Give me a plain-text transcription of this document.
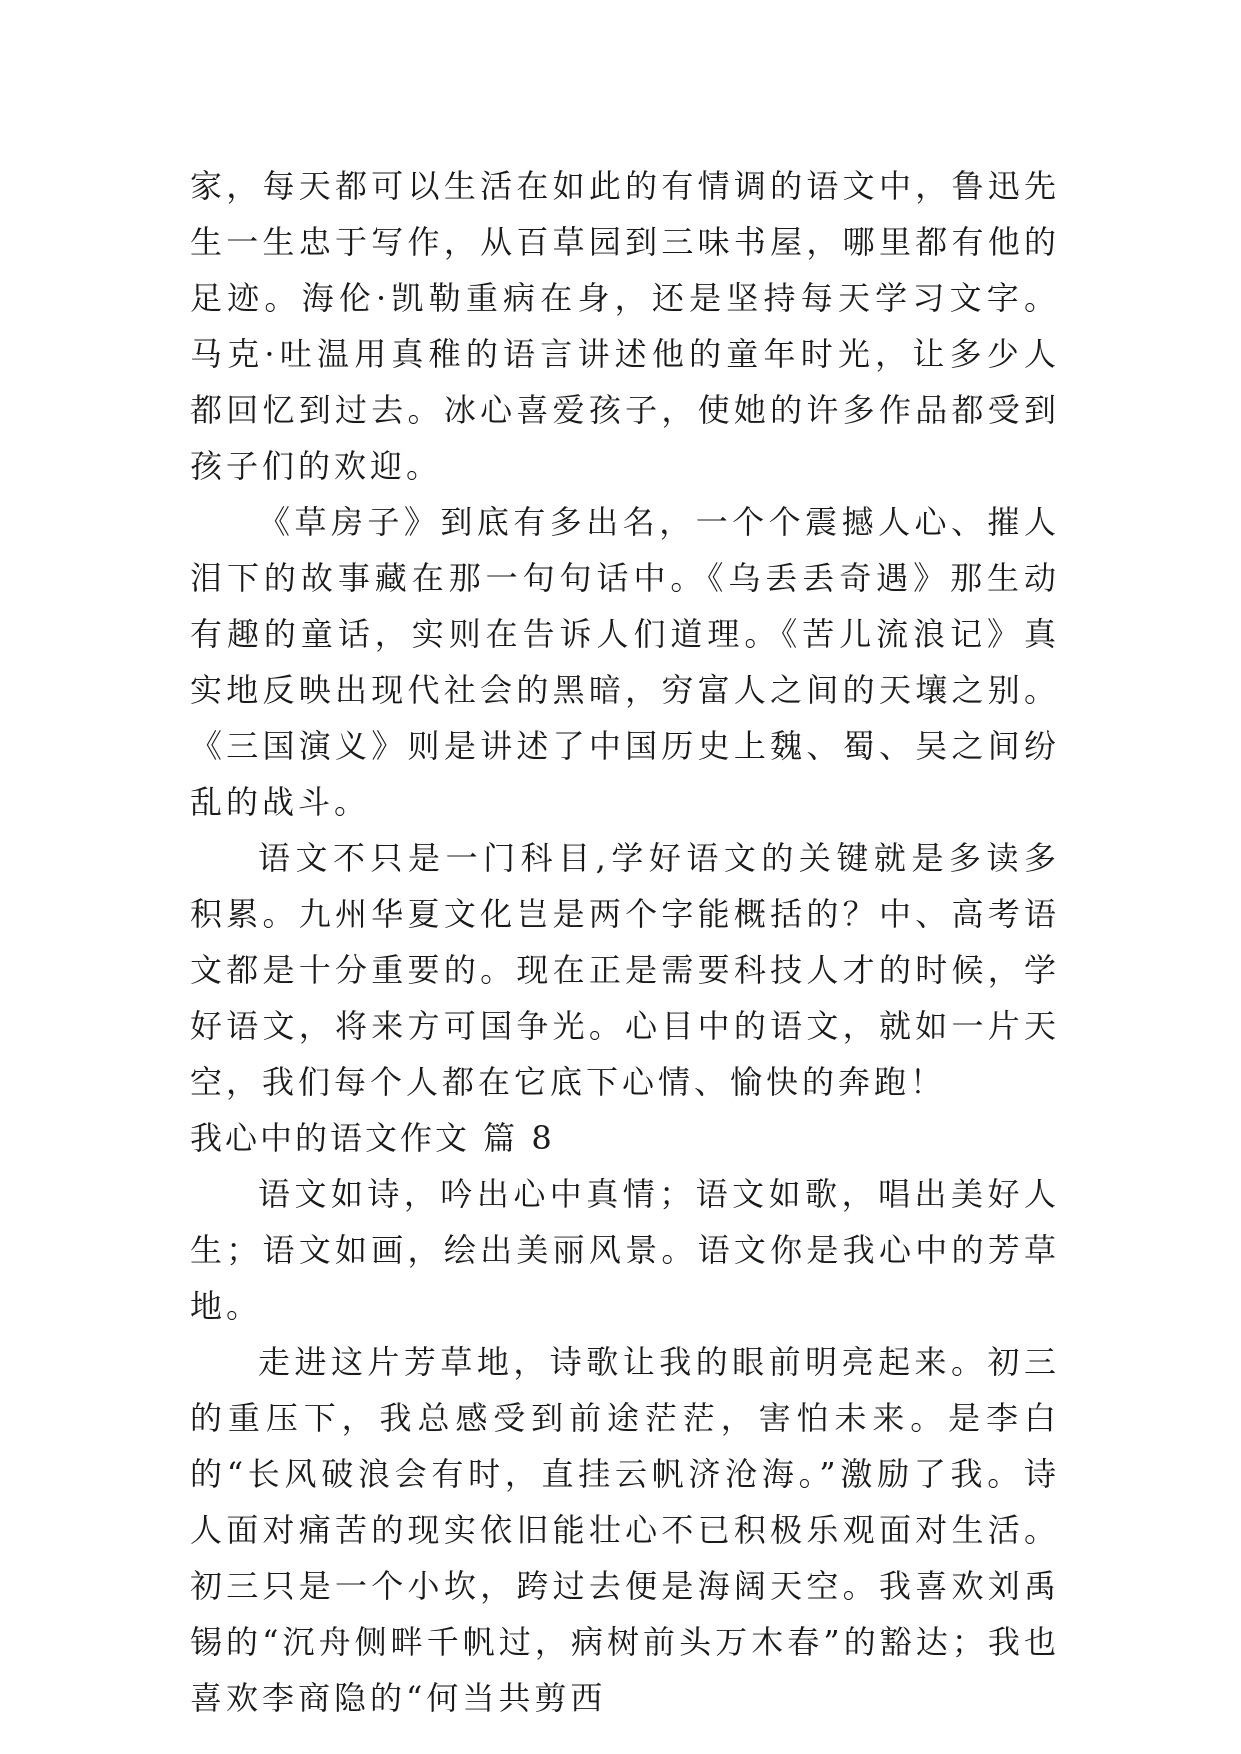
家，每天都可以生活在如此的有情调的语文中，鲁迅先生一生忠于写作，从百草园到三味书屋，哪里都有他的足迹。海伦·凯勒重病在身，还是坚持每天学习文字。马克·吐温用真稚的语言讲述他的童年时光，让多少人都回忆到过去。冰心喜爱孩子，使她的许多作品都受到孩子们的欢迎。

《草房子》到底有多出名，一个个震撼人心、摧人泪下的故事藏在那一句句话中。《乌丢丢奇遇》那生动有趣的童话，实则在告诉人们道理。《苦儿流浪记》真实地反映出现代社会的黑暗，穷富人之间的天壤之别。《三国演义》则是讲述了中国历史上魏、蜀、吴之间纷乱的战斗。

语文不只是一门科目,学好语文的关键就是多读多积累。九州华夏文化岂是两个字能概括的？中、高考语文都是十分重要的。现在正是需要科技人才的时候，学好语文，将来方可国争光。心目中的语文，就如一片天空，我们每个人都在它底下心情、愉快的奔跑！

我心中的语文作文 篇 8

语文如诗，吟出心中真情；语文如歌，唱出美好人生；语文如画，绘出美丽风景。语文你是我心中的芳草地。

走进这片芳草地，诗歌让我的眼前明亮起来。初三的重压下，我总感受到前途茫茫，害怕未来。是李白的“长风破浪会有时，直挂云帆济沧海。”激励了我。诗人面对痛苦的现实依旧能壮心不已积极乐观面对生活。初三只是一个小坎，跨过去便是海阔天空。我喜欢刘禹锡的“沉舟侧畔千帆过，病树前头万木春”的豁达；我也喜欢李商隐的“何当共剪西
